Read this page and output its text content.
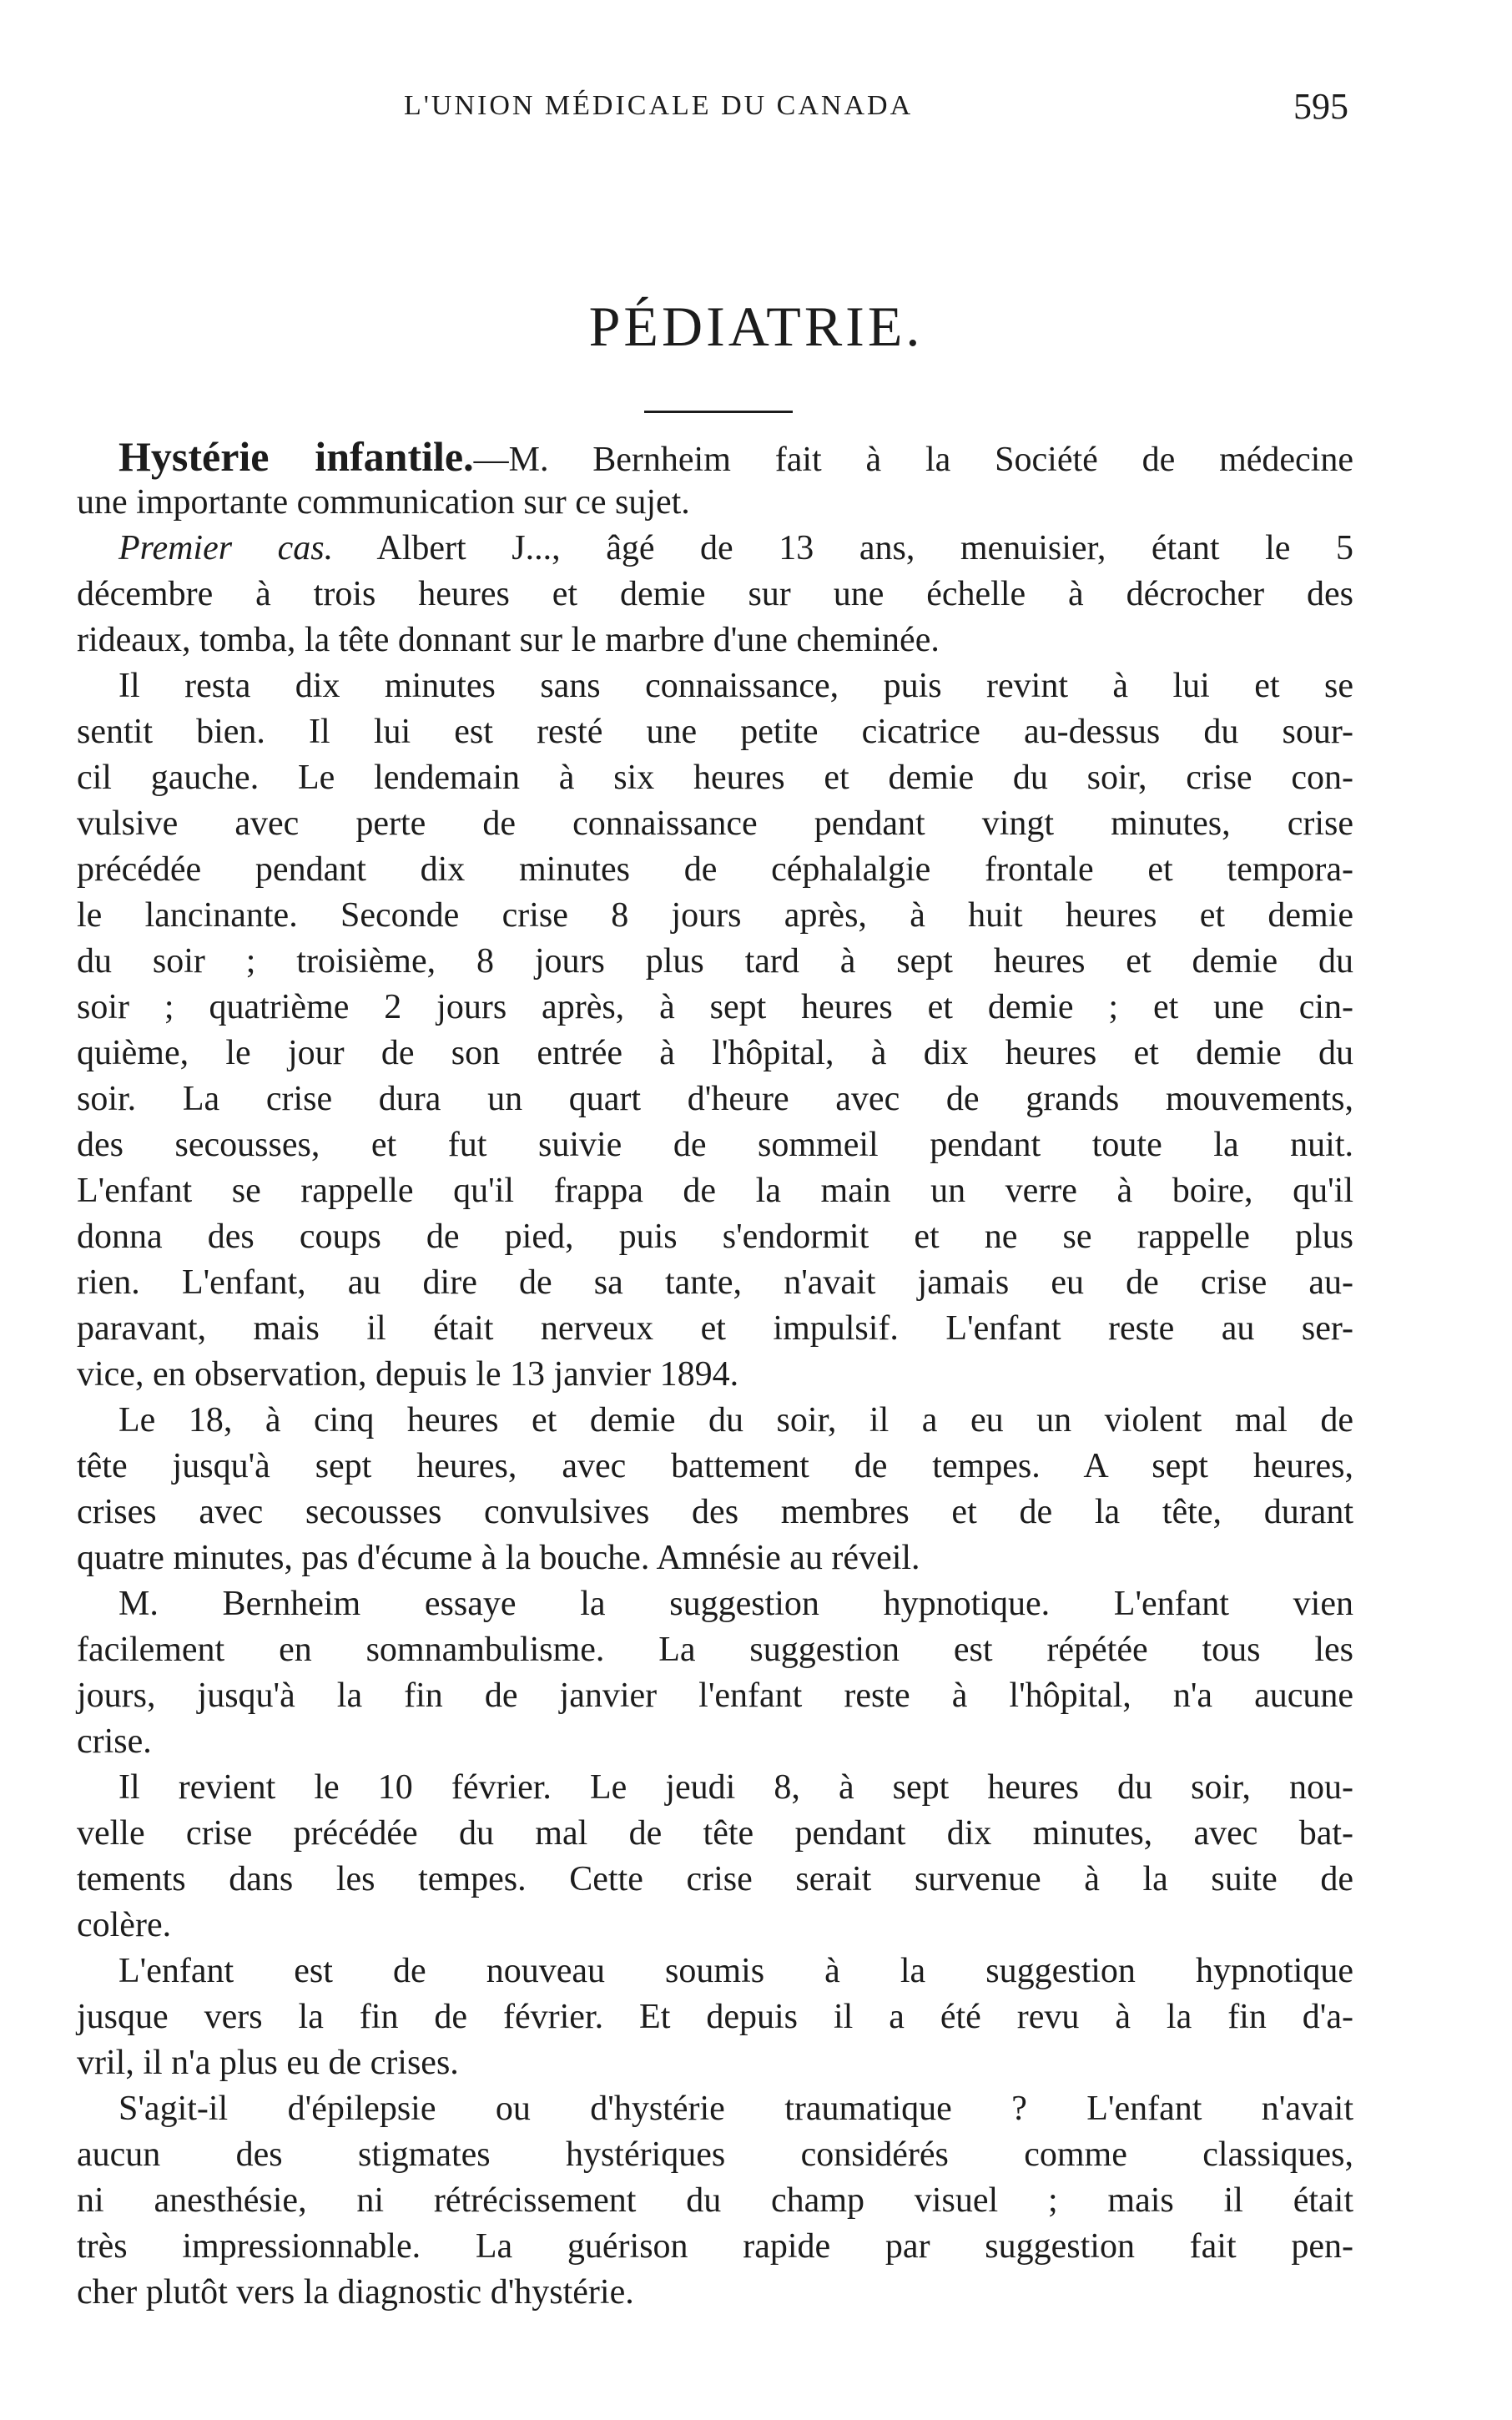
L'UNION MÉDICALE DU CANADA	595
PÉDIATRIE.
Hystérie infantile.—M. Bernheim fait à la Société de médecine
une importante communication sur ce sujet.
Premier cas. Albert J..., âgé de 13 ans, menuisier, étant le 5
décembre à trois heures et demie sur une échelle à décrocher des
rideaux, tomba, la tête donnant sur le marbre d'une cheminée.
Il resta dix minutes sans connaissance, puis revint à lui et se
sentit bien. Il lui est resté une petite cicatrice au-dessus du sour-
cil gauche. Le lendemain à six heures et demie du soir, crise con-
vulsive avec perte de connaissance pendant vingt minutes, crise
précédée pendant dix minutes de céphalalgie frontale et tempora-
le lancinante. Seconde crise 8 jours après, à huit heures et demie
du soir ; troisième, 8 jours plus tard à sept heures et demie du
soir ; quatrième 2 jours après, à sept heures et demie ; et une cin-
quième, le jour de son entrée à l'hôpital, à dix heures et demie du
soir. La crise dura un quart d'heure avec de grands mouvements,
des secousses, et fut suivie de sommeil pendant toute la nuit.
L'enfant se rappelle qu'il frappa de la main un verre à boire, qu'il
donna des coups de pied, puis s'endormit et ne se rappelle plus
rien. L'enfant, au dire de sa tante, n'avait jamais eu de crise au-
paravant, mais il était nerveux et impulsif. L'enfant reste au ser-
vice, en observation, depuis le 13 janvier 1894.
Le 18, à cinq heures et demie du soir, il a eu un violent mal de
tête jusqu'à sept heures, avec battement de tempes. A sept heures,
crises avec secousses convulsives des membres et de la tête, durant
quatre minutes, pas d'écume à la bouche. Amnésie au réveil.
M. Bernheim essaye la suggestion hypnotique. L'enfant vien
facilement en somnambulisme. La suggestion est répétée tous les
jours, jusqu'à la fin de janvier l'enfant reste à l'hôpital, n'a aucune
crise.
Il revient le 10 février. Le jeudi 8, à sept heures du soir, nou-
velle crise précédée du mal de tête pendant dix minutes, avec bat-
tements dans les tempes. Cette crise serait survenue à la suite de
colère.
L'enfant est de nouveau soumis à la suggestion hypnotique
jusque vers la fin de février. Et depuis il a été revu à la fin d'a-
vril, il n'a plus eu de crises.
S'agit-il d'épilepsie ou d'hystérie traumatique ? L'enfant n'avait
aucun des stigmates hystériques considérés comme classiques,
ni anesthésie, ni rétrécissement du champ visuel ; mais il était
très impressionnable. La guérison rapide par suggestion fait pen-
cher plutôt vers la diagnostic d'hystérie.
